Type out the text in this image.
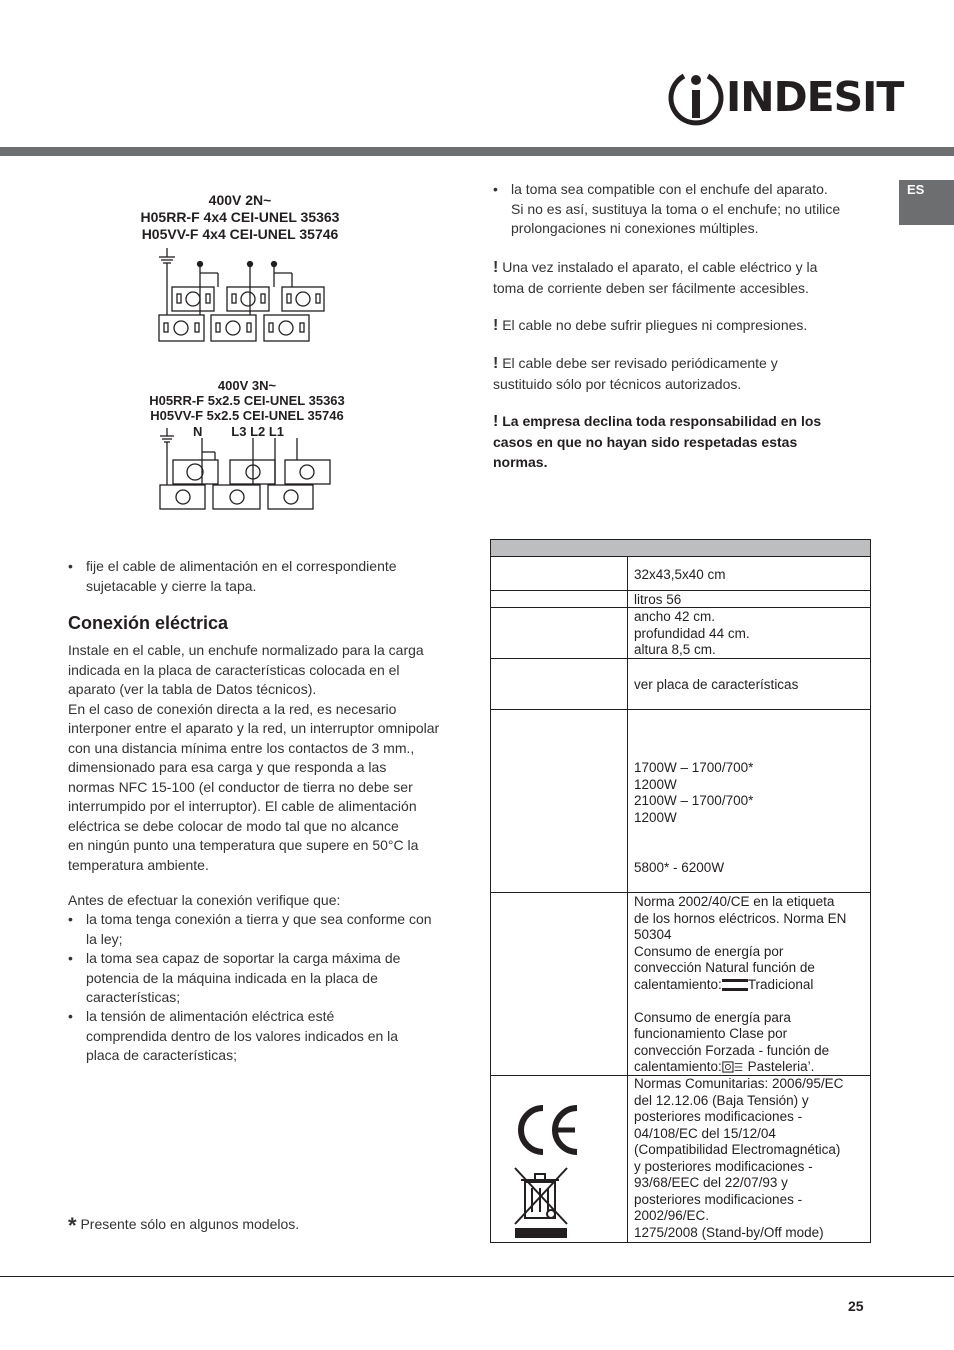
INDESIT
ES
400V 2N~
H05RR-F 4x4 CEI-UNEL 35363
H05VV-F 4x4 CEI-UNEL 35746
400V 3N~
H05RR-F 5x2.5 CEI-UNEL 35363
H05VV-F 5x2.5 CEI-UNEL 35746
N        L3 L2 L1
• fije el cable de alimentación en el correspondiente
sujetacable y cierre la tapa.
Conexión eléctrica
Instale en el cable, un enchufe normalizado para la carga
indicada en la placa de características colocada en el
aparato (ver la tabla de Datos técnicos).
En el caso de conexión directa a la red, es necesario
interponer entre el aparato y la red, un interruptor omnipolar
con una distancia mínima entre los contactos de 3 mm.,
dimensionado para esa carga y que responda a las
normas NFC 15-100 (el conductor de tierra no debe ser
interrumpido por el interruptor). El cable de alimentación
eléctrica se debe colocar de modo tal que no alcance
en ningún punto una temperatura que supere en 50°C la
temperatura ambiente.
Antes de efectuar la conexión verifique que:
• la toma tenga conexión a tierra y que sea conforme con
la ley;
• la toma sea capaz de soportar la carga máxima de
potencia de la máquina indicada en la placa de
características;
• la tensión de alimentación eléctrica esté
comprendida dentro de los valores indicados en la
placa de características;
* Presente sólo en algunos modelos.
• la toma sea compatible con el enchufe del aparato.
Si no es así, sustituya la toma o el enchufe; no utilice
prolongaciones ni conexiones múltiples.
! Una vez instalado el aparato, el cable eléctrico y la
toma de corriente deben ser fácilmente accesibles.
! El cable no debe sufrir pliegues ni compresiones.
! El cable debe ser revisado periódicamente y
sustituido sólo por técnicos autorizados.
! La empresa declina toda responsabilidad en los
casos en que no hayan sido respetadas estas
normas.
32x43,5x40 cm
litros 56
ancho 42 cm.
profundidad 44 cm.
altura 8,5 cm.
ver placa de características
1700W – 1700/700*
1200W
2100W – 1700/700*
1200W
5800* - 6200W
Norma 2002/40/CE en la etiqueta
de los hornos eléctricos. Norma EN
50304
Consumo de energía por
convección Natural función de
calentamiento: Tradicional
Consumo de energía para
funcionamiento Clase por
convección Forzada - función de
calentamiento: Pasteleria’.
Normas Comunitarias: 2006/95/EC
del 12.12.06 (Baja Tensión) y
posteriores modificaciones -
04/108/EC del 15/12/04
(Compatibilidad Electromagnética)
y posteriores modificaciones -
93/68/EEC del 22/07/93 y
posteriores modificaciones -
2002/96/EC.
1275/2008 (Stand-by/Off mode)
25
